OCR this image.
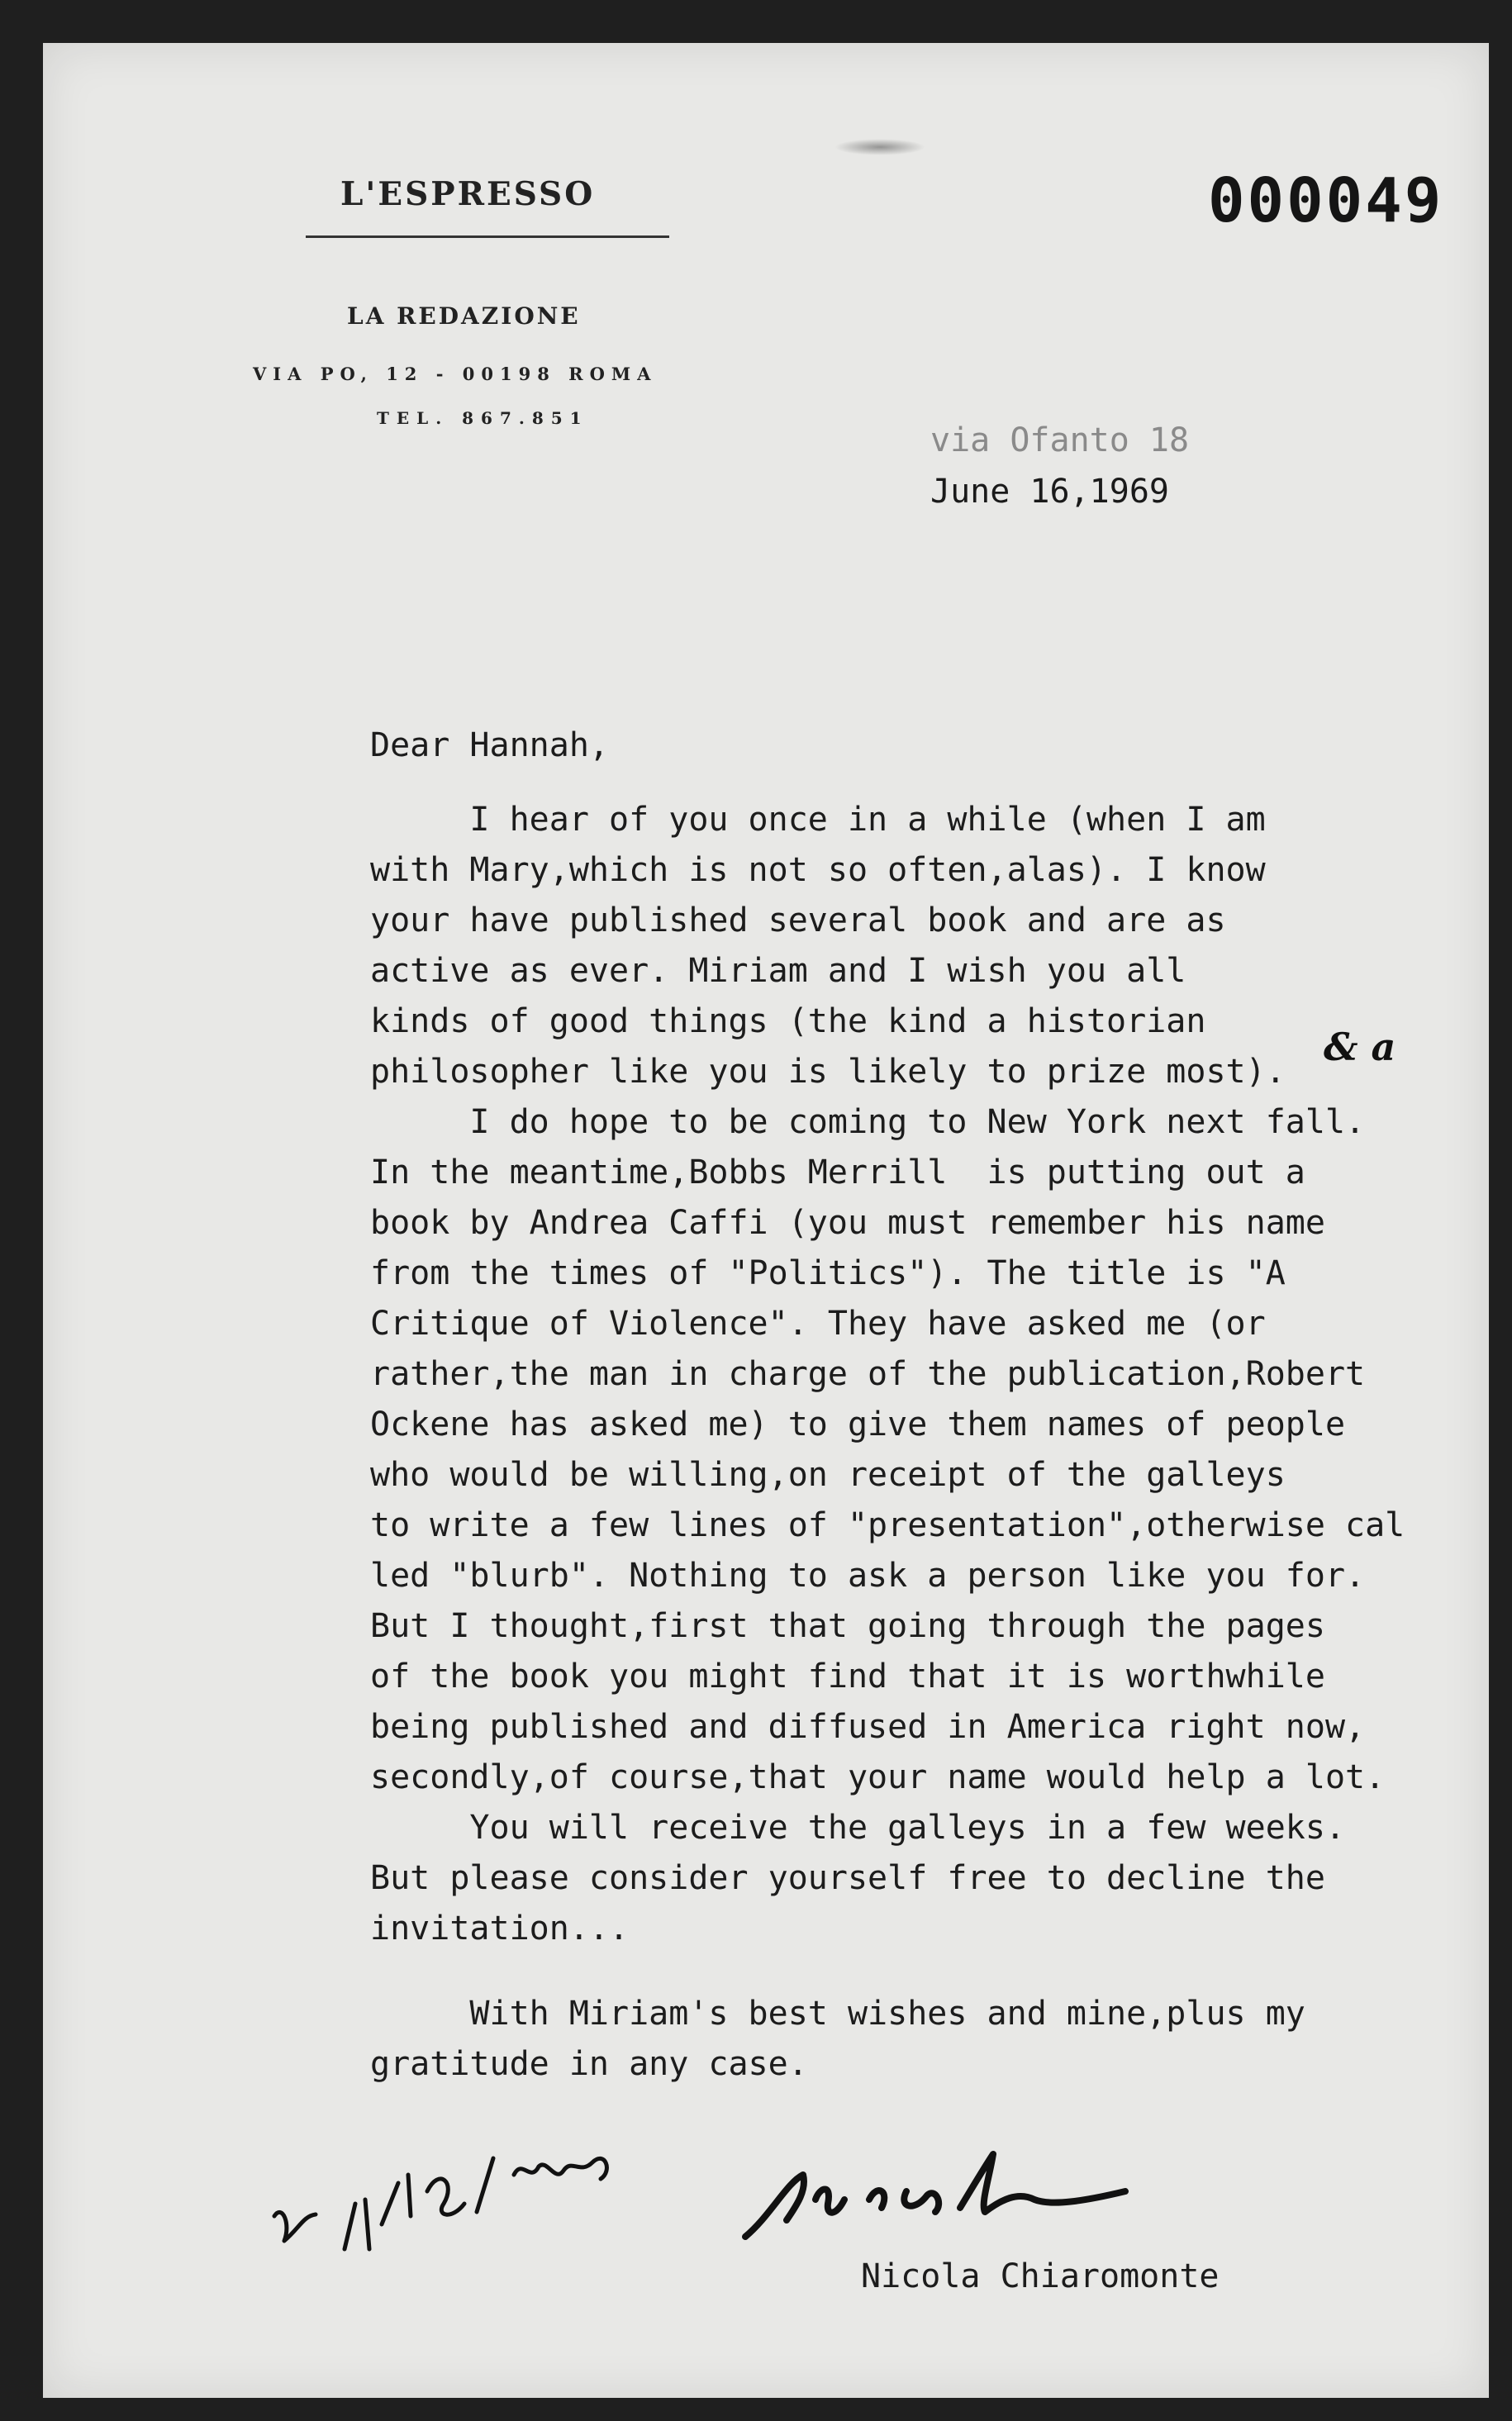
L'ESPRESSO
LA REDAZIONE
VIA PO, 12 - 00198 ROMA
TEL. 867.851
000049
via Ofanto 18
June 16,1969
Dear Hannah,
I hear of you once in a while (when I am
with Mary,which is not so often,alas). I know
your have published several book and are as
active as ever. Miriam and I wish you all
kinds of good things (the kind a historian
philosopher like you is likely to prize most).
I do hope to be coming to New York next fall.
In the meantime,Bobbs Merrill  is putting out a
book by Andrea Caffi (you must remember his name
from the times of "Politics"). The title is "A
Critique of Violence". They have asked me (or
rather,the man in charge of the publication,Robert
Ockene has asked me) to give them names of people
who would be willing,on receipt of the galleys
to write a few lines of "presentation",otherwise cal
led "blurb". Nothing to ask a person like you for.
But I thought,first that going through the pages
of the book you might find that it is worthwhile
being published and diffused in America right now,
secondly,of course,that your name would help a lot.
You will receive the galleys in a few weeks.
But please consider yourself free to decline the
invitation...
& a
With Miriam's best wishes and mine,plus my
gratitude in any case.
Nicola Chiaromonte
